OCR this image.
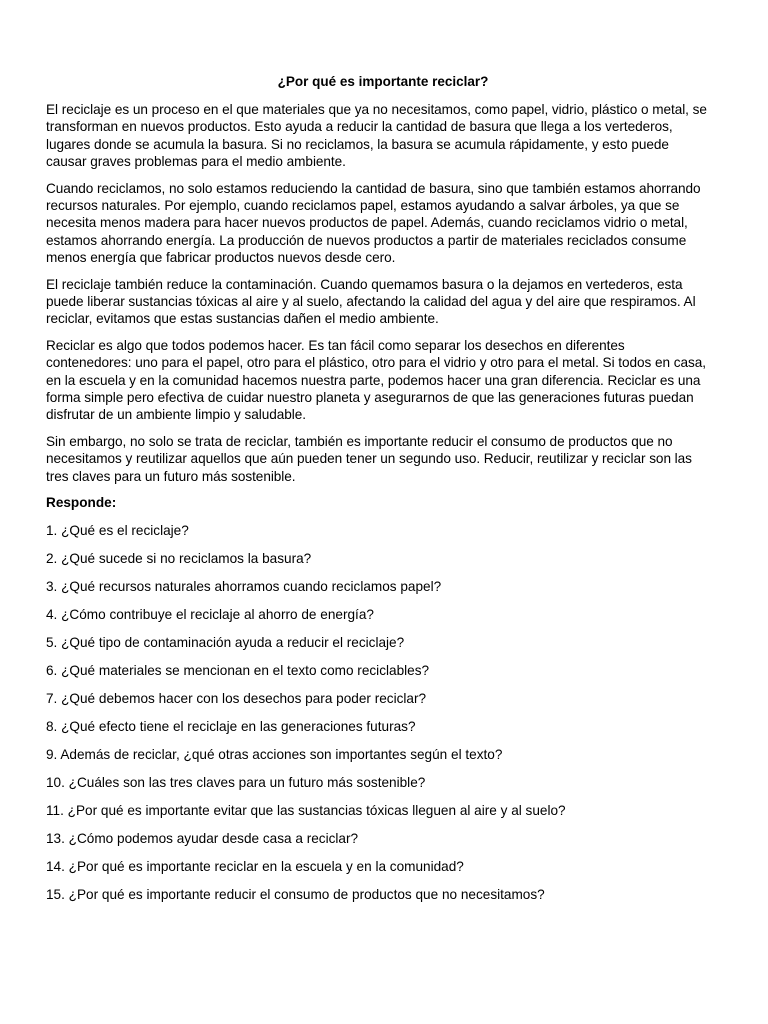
¿Por qué es importante reciclar?

El reciclaje es un proceso en el que materiales que ya no necesitamos, como papel, vidrio, plástico o metal, se
transforman en nuevos productos. Esto ayuda a reducir la cantidad de basura que llega a los vertederos,
lugares donde se acumula la basura. Si no reciclamos, la basura se acumula rápidamente, y esto puede
causar graves problemas para el medio ambiente.

Cuando reciclamos, no solo estamos reduciendo la cantidad de basura, sino que también estamos ahorrando
recursos naturales. Por ejemplo, cuando reciclamos papel, estamos ayudando a salvar árboles, ya que se
necesita menos madera para hacer nuevos productos de papel. Además, cuando reciclamos vidrio o metal,
estamos ahorrando energía. La producción de nuevos productos a partir de materiales reciclados consume
menos energía que fabricar productos nuevos desde cero.

El reciclaje también reduce la contaminación. Cuando quemamos basura o la dejamos en vertederos, esta
puede liberar sustancias tóxicas al aire y al suelo, afectando la calidad del agua y del aire que respiramos. Al
reciclar, evitamos que estas sustancias dañen el medio ambiente.

Reciclar es algo que todos podemos hacer. Es tan fácil como separar los desechos en diferentes
contenedores: uno para el papel, otro para el plástico, otro para el vidrio y otro para el metal. Si todos en casa,
en la escuela y en la comunidad hacemos nuestra parte, podemos hacer una gran diferencia. Reciclar es una
forma simple pero efectiva de cuidar nuestro planeta y asegurarnos de que las generaciones futuras puedan
disfrutar de un ambiente limpio y saludable.

Sin embargo, no solo se trata de reciclar, también es importante reducir el consumo de productos que no
necesitamos y reutilizar aquellos que aún pueden tener un segundo uso. Reducir, reutilizar y reciclar son las
tres claves para un futuro más sostenible.

Responde:
1. ¿Qué es el reciclaje?
2. ¿Qué sucede si no reciclamos la basura?
3. ¿Qué recursos naturales ahorramos cuando reciclamos papel?
4. ¿Cómo contribuye el reciclaje al ahorro de energía?
5. ¿Qué tipo de contaminación ayuda a reducir el reciclaje?
6. ¿Qué materiales se mencionan en el texto como reciclables?
7. ¿Qué debemos hacer con los desechos para poder reciclar?
8. ¿Qué efecto tiene el reciclaje en las generaciones futuras?
9. Además de reciclar, ¿qué otras acciones son importantes según el texto?
10. ¿Cuáles son las tres claves para un futuro más sostenible?
11. ¿Por qué es importante evitar que las sustancias tóxicas lleguen al aire y al suelo?
13. ¿Cómo podemos ayudar desde casa a reciclar?
14. ¿Por qué es importante reciclar en la escuela y en la comunidad?
15. ¿Por qué es importante reducir el consumo de productos que no necesitamos?
